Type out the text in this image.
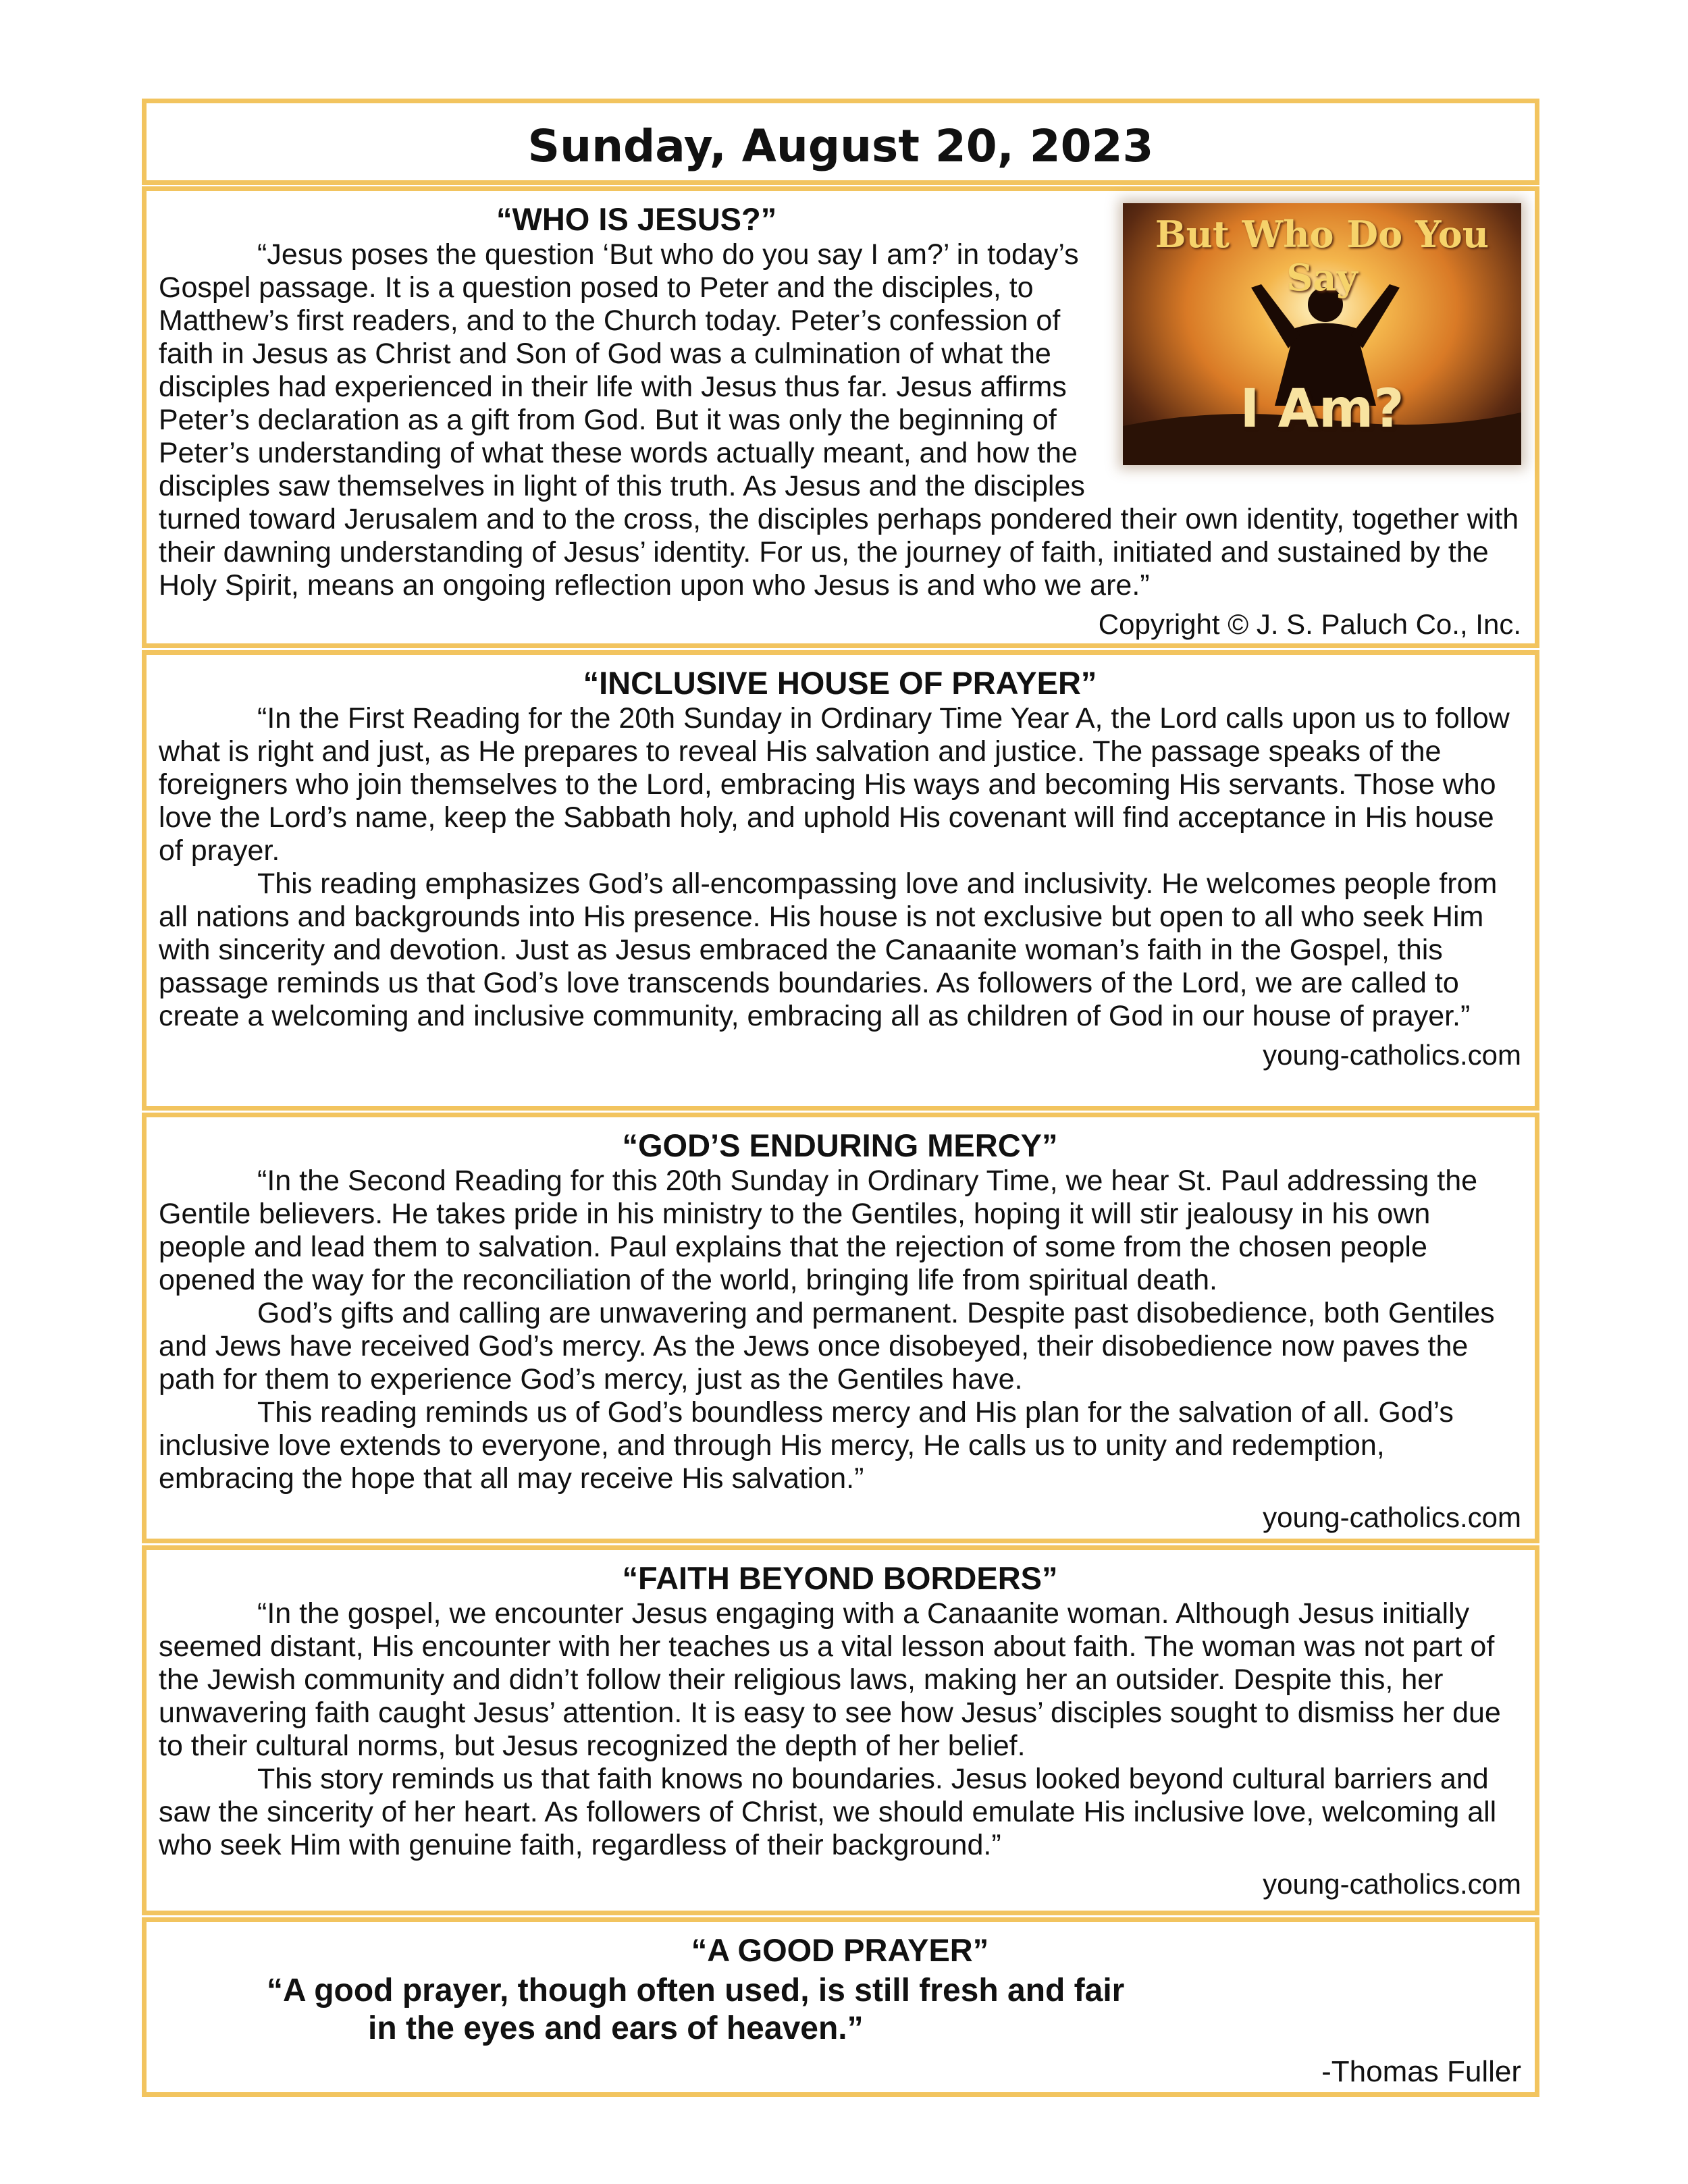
Sunday, August 20, 2023
But Who Do You Say
I Am?
“WHO IS JESUS?”

“Jesus poses the question ‘But who do you say I am?’ in today’s Gospel passage. It is a question posed to Peter and the disciples, to Matthew’s first readers, and to the Church today. Peter’s confession of faith in Jesus as Christ and Son of God was a culmination of what the disciples had experienced in their life with Jesus thus far. Jesus affirms Peter’s declaration as a gift from God. But it was only the beginning of Peter’s understanding of what these words actually meant, and how the disciples saw themselves in light of this truth. As Jesus and the disciples turned toward Jerusalem and to the cross, the disciples perhaps pondered their own identity, together with their dawning understanding of Jesus’ identity. For us, the journey of faith, initiated and sustained by the Holy Spirit, means an ongoing reflection upon who Jesus is and who we are.”

Copyright © J. S. Paluch Co., Inc.
“INCLUSIVE HOUSE OF PRAYER”

“In the First Reading for the 20th Sunday in Ordinary Time Year A, the Lord calls upon us to follow what is right and just, as He prepares to reveal His salvation and justice. The passage speaks of the foreigners who join themselves to the Lord, embracing His ways and becoming His servants. Those who love the Lord’s name, keep the Sabbath holy, and uphold His covenant will find acceptance in His house of prayer.

This reading emphasizes God’s all-encompassing love and inclusivity. He welcomes people from all nations and backgrounds into His presence. His house is not exclusive but open to all who seek Him with sincerity and devotion. Just as Jesus embraced the Canaanite woman’s faith in the Gospel, this passage reminds us that God’s love transcends boundaries. As followers of the Lord, we are called to create a welcoming and inclusive community, embracing all as children of God in our house of prayer.”

young-catholics.com
“GOD’S ENDURING MERCY”

“In the Second Reading for this 20th Sunday in Ordinary Time, we hear St. Paul addressing the Gentile believers. He takes pride in his ministry to the Gentiles, hoping it will stir jealousy in his own people and lead them to salvation. Paul explains that the rejection of some from the chosen people opened the way for the reconciliation of the world, bringing life from spiritual death.

God’s gifts and calling are unwavering and permanent. Despite past disobedience, both Gentiles and Jews have received God’s mercy. As the Jews once disobeyed, their disobedience now paves the path for them to experience God’s mercy, just as the Gentiles have.

This reading reminds us of God’s boundless mercy and His plan for the salvation of all. God’s inclusive love extends to everyone, and through His mercy, He calls us to unity and redemption, embracing the hope that all may receive His salvation.”

young-catholics.com
“FAITH BEYOND BORDERS”

“In the gospel, we encounter Jesus engaging with a Canaanite woman. Although Jesus initially seemed distant, His encounter with her teaches us a vital lesson about faith. The woman was not part of the Jewish community and didn’t follow their religious laws, making her an outsider. Despite this, her unwavering faith caught Jesus’ attention. It is easy to see how Jesus’ disciples sought to dismiss her due to their cultural norms, but Jesus recognized the depth of her belief.

This story reminds us that faith knows no boundaries. Jesus looked beyond cultural barriers and saw the sincerity of her heart. As followers of Christ, we should emulate His inclusive love, welcoming all who seek Him with genuine faith, regardless of their background.”

young-catholics.com
“A GOOD PRAYER”
“A good prayer, though often used, is still fresh and fair
in the eyes and ears of heaven.”
-Thomas Fuller
